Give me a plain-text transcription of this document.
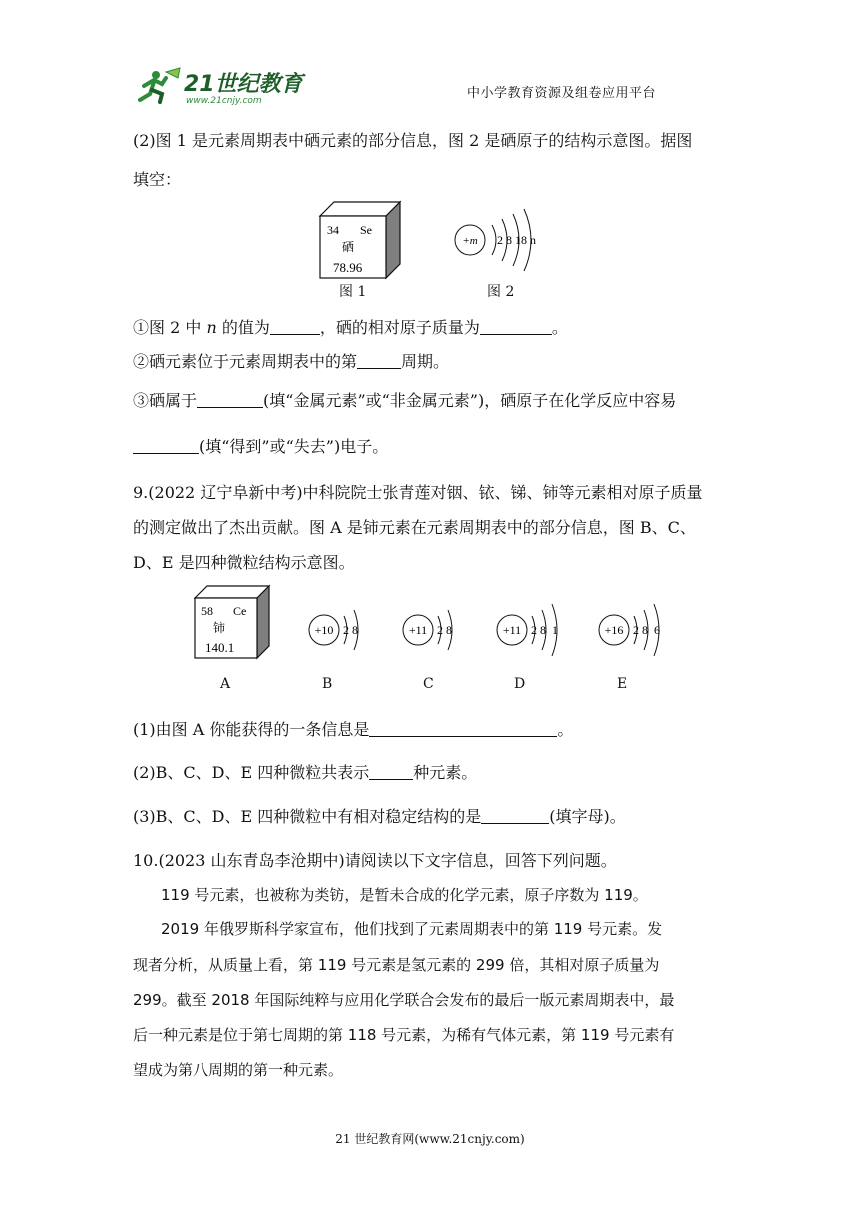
21世纪教育
www.21cnjy.com	中小学教育资源及组卷应用平台
(2)图 1 是元素周期表中硒元素的部分信息，图 2 是硒原子的结构示意图。据图
填空：
34 Se
硒
78.96
图 1
+m 2 8 18 n
图 2
①图 2 中 n 的值为	，硒的相对原子质量为	。
②硒元素位于元素周期表中的第	周期。
③硒属于	(填“金属元素”或“非金属元素”)，硒原子在化学反应中容易
(填“得到”或“失去”)电子。
9.(2022 辽宁阜新中考)中科院院士张青莲对铟、铱、锑、铈等元素相对原子质量
的测定做出了杰出贡献。图 A 是铈元素在元素周期表中的部分信息，图 B、C、
D、E 是四种微粒结构示意图。
58 Ce
铈
140.1
A
+10 2 8
B
+11 2 8
C
+11 2 8 1
D
+16 2 8 6
E
(1)由图 A 你能获得的一条信息是	。
(2)B、C、D、E 四种微粒共表示	种元素。
(3)B、C、D、E 四种微粒中有相对稳定结构的是	(填字母)。
10.(2023 山东青岛李沧期中)请阅读以下文字信息，回答下列问题。
119 号元素，也被称为类钫，是暂未合成的化学元素，原子序数为 119。
2019 年俄罗斯科学家宣布，他们找到了元素周期表中的第 119 号元素。发
现者分析，从质量上看，第 119 号元素是氢元素的 299 倍，其相对原子质量为
299。截至 2018 年国际纯粹与应用化学联合会发布的最后一版元素周期表中，最
后一种元素是位于第七周期的第 118 号元素，为稀有气体元素，第 119 号元素有
望成为第八周期的第一种元素。
21 世纪教育网(www.21cnjy.com)
